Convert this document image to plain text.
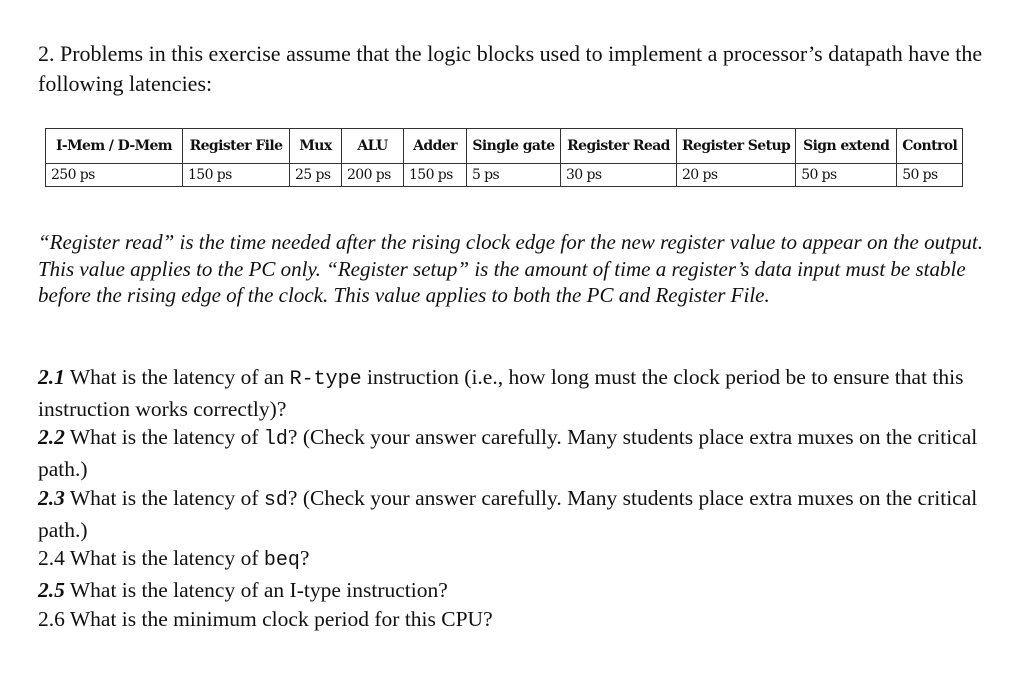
2. Problems in this exercise assume that the logic blocks used to implement a processor’s datapath have the following latencies:
I-Mem / D-Mem	Register File	Mux	ALU	Adder	Single gate	Register Read	Register Setup	Sign extend	Control
250 ps	150 ps	25 ps	200 ps	150 ps	5 ps	30 ps	20 ps	50 ps	50 ps
“Register read” is the time needed after the rising clock edge for the new register value to appear on the output. This value applies to the PC only. “Register setup” is the amount of time a register’s data input must be stable before the rising edge of the clock. This value applies to both the PC and Register File.

2.1 What is the latency of an R-type instruction (i.e., how long must the clock period be to ensure that this instruction works correctly)?

2.2 What is the latency of ld? (Check your answer carefully. Many students place extra muxes on the critical path.)

2.3 What is the latency of sd? (Check your answer carefully. Many students place extra muxes on the critical path.)

2.4 What is the latency of beq?

2.5 What is the latency of an I-type instruction?

2.6 What is the minimum clock period for this CPU?
